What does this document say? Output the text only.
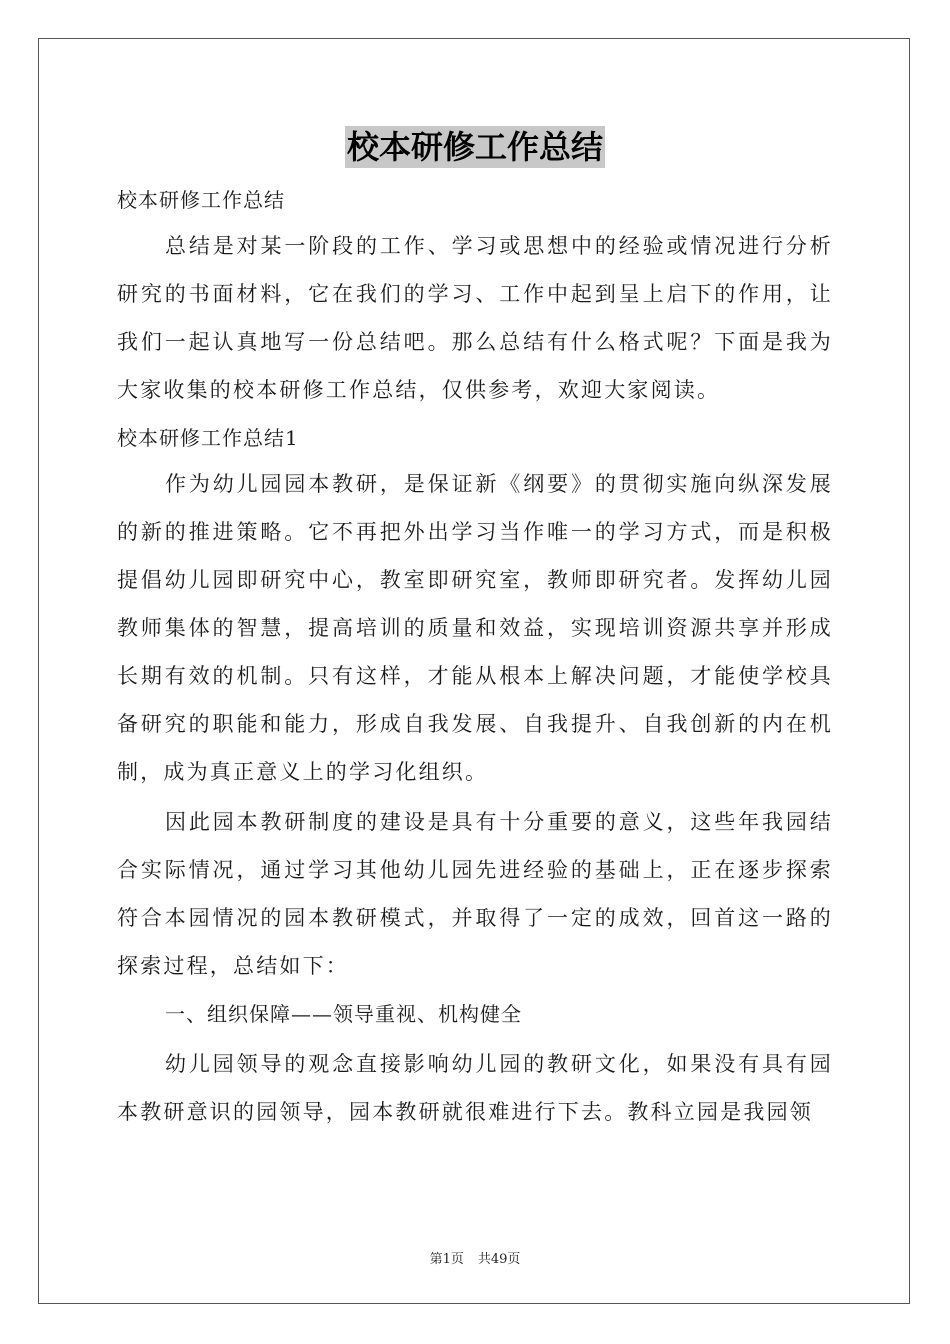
校本研修工作总结

校本研修工作总结

总结是对某一阶段的工作、学习或思想中的经验或情况进行分析研究的书面材料，它在我们的学习、工作中起到呈上启下的作用，让我们一起认真地写一份总结吧。那么总结有什么格式呢？下面是我为大家收集的校本研修工作总结，仅供参考，欢迎大家阅读。

校本研修工作总结1

作为幼儿园园本教研，是保证新《纲要》的贯彻实施向纵深发展的新的推进策略。它不再把外出学习当作唯一的学习方式，而是积极提倡幼儿园即研究中心，教室即研究室，教师即研究者。发挥幼儿园教师集体的智慧，提高培训的质量和效益，实现培训资源共享并形成长期有效的机制。只有这样，才能从根本上解决问题，才能使学校具备研究的职能和能力，形成自我发展、自我提升、自我创新的内在机制，成为真正意义上的学习化组织。

因此园本教研制度的建设是具有十分重要的意义，这些年我园结合实际情况，通过学习其他幼儿园先进经验的基础上，正在逐步探索符合本园情况的园本教研模式，并取得了一定的成效，回首这一路的探索过程，总结如下：

一、组织保障——领导重视、机构健全

幼儿园领导的观念直接影响幼儿园的教研文化，如果没有具有园本教研意识的园领导，园本教研就很难进行下去。教科立园是我园领

第1页 共49页
